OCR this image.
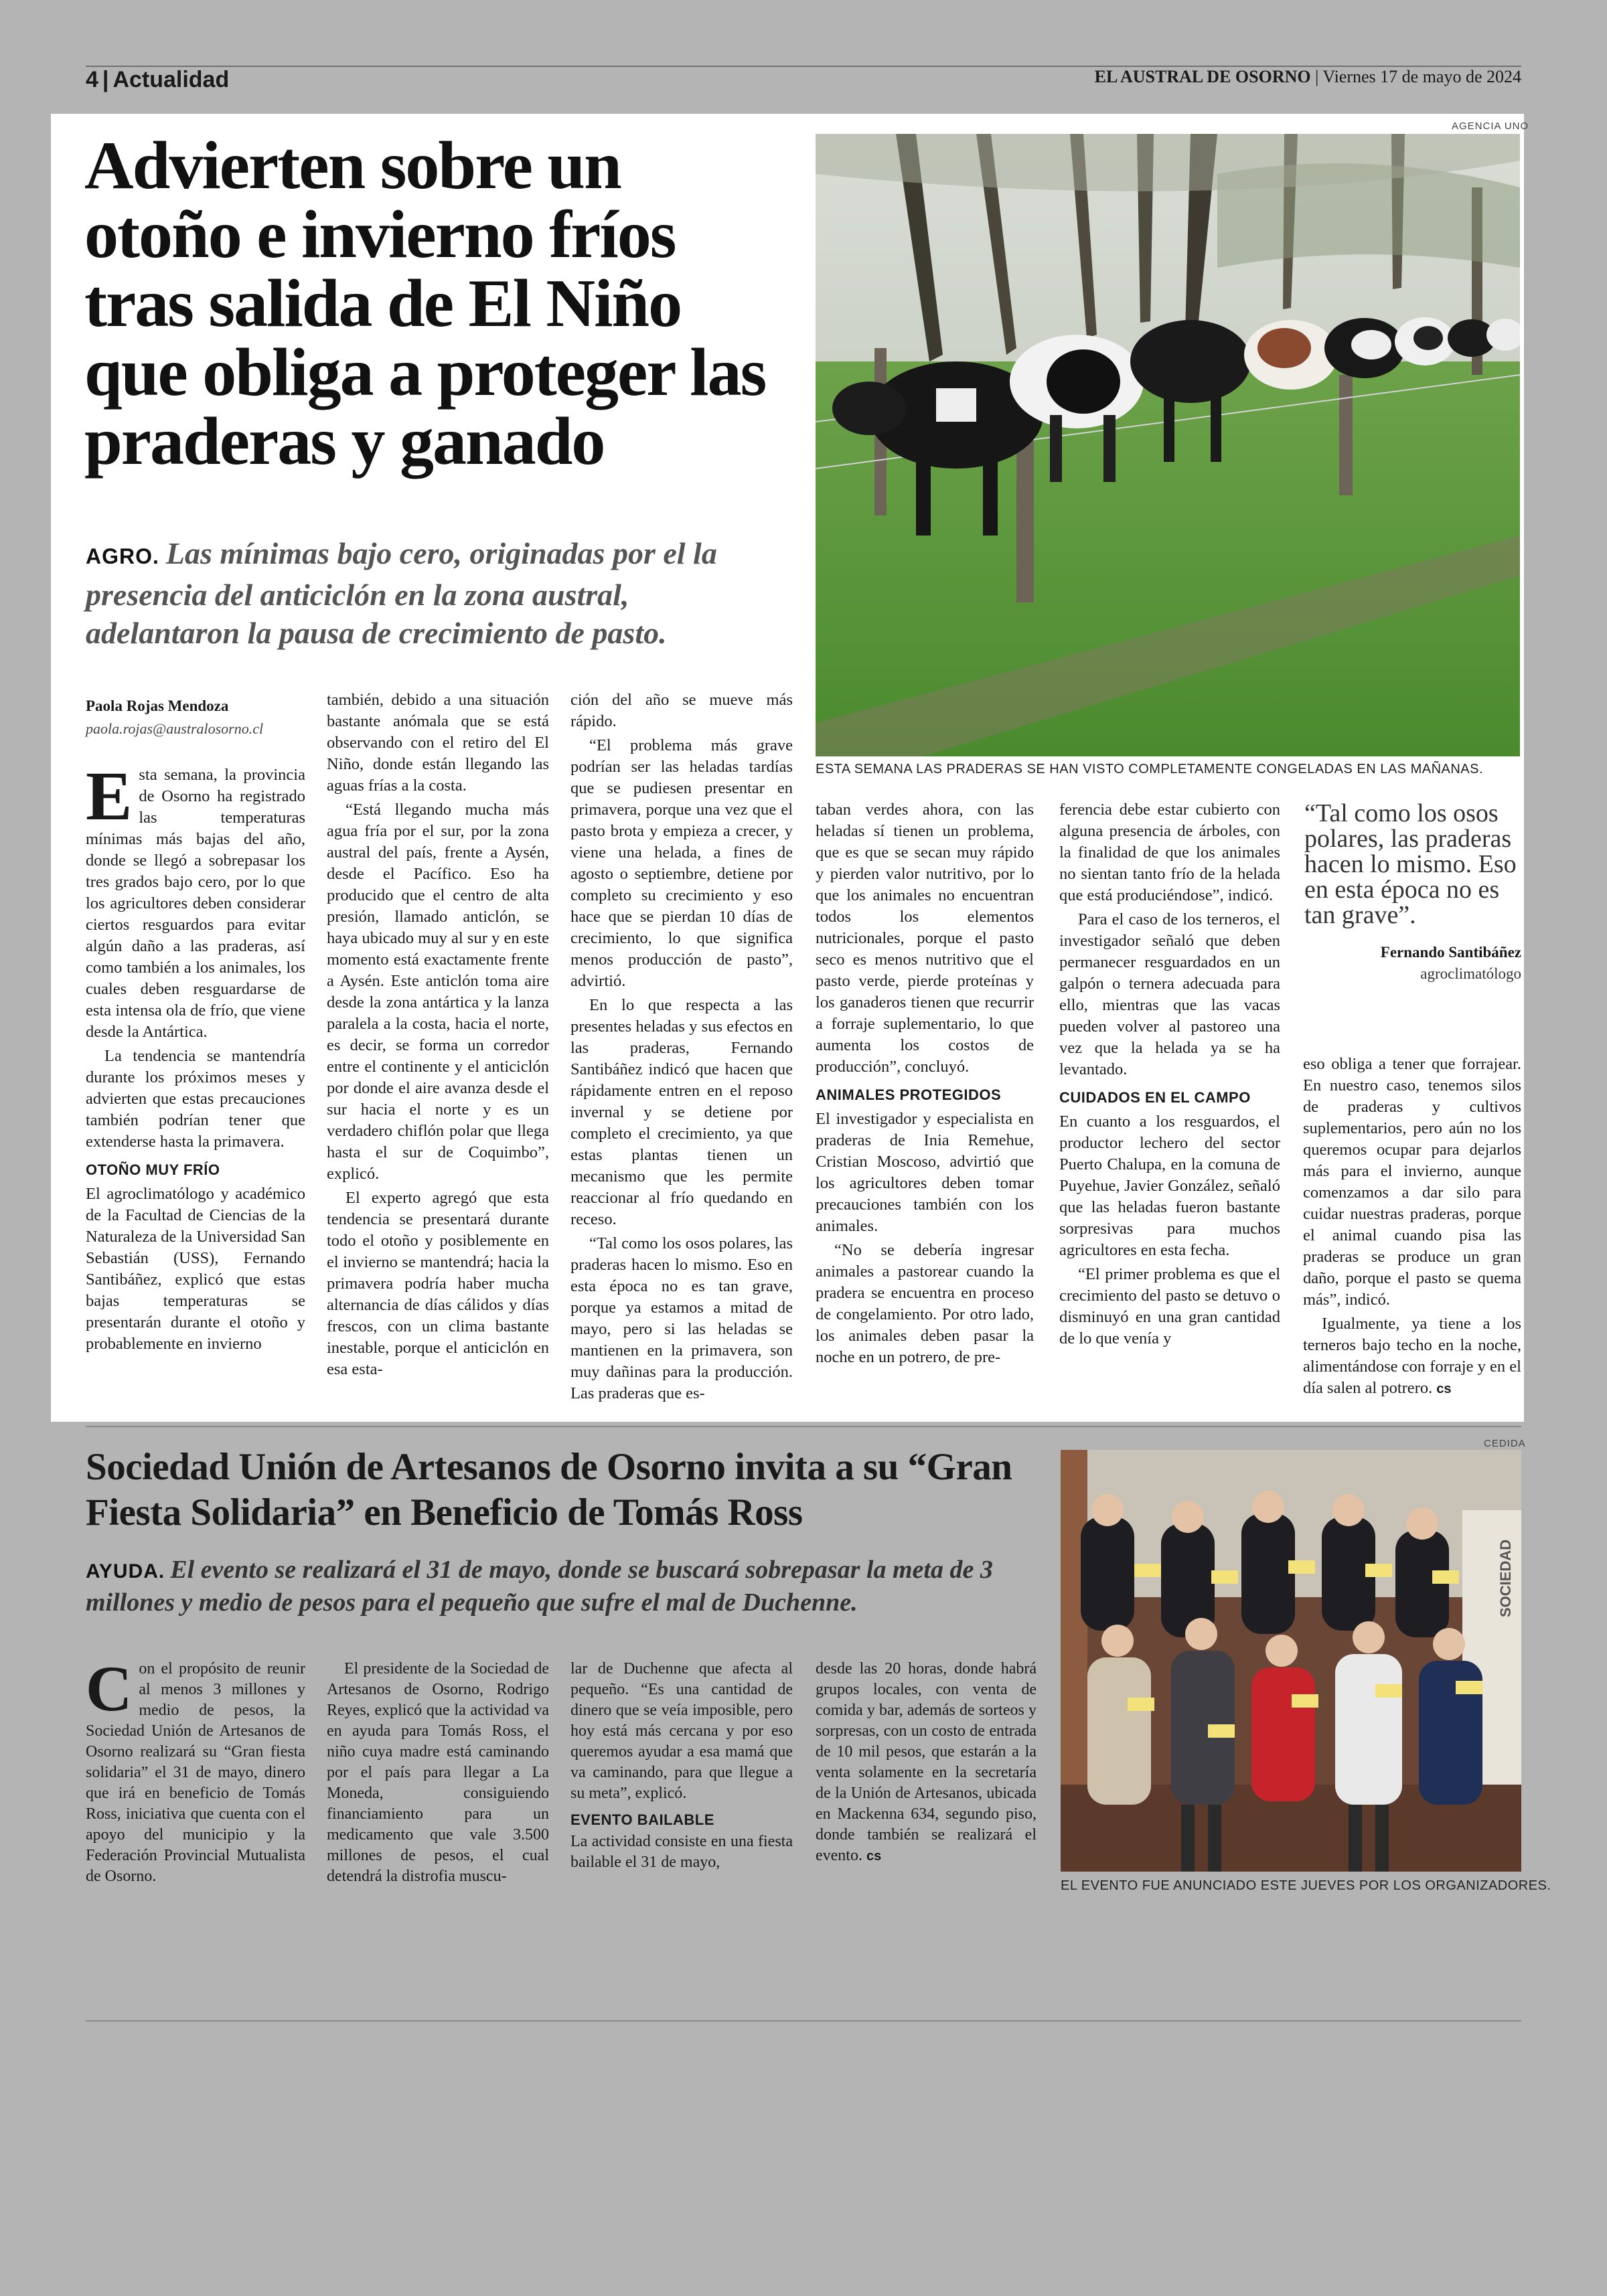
4 | Actualidad	EL AUSTRAL DE OSORNO | Viernes 17 de mayo de 2024
Advierten sobre un otoño e invierno fríos tras salida de El Niño que obliga a proteger las praderas y ganado

AGRO. Las mínimas bajo cero, originadas por el la presencia del anticiclón en la zona austral, adelantaron la pausa de crecimiento de pasto.

AGENCIA UNO
ESTA SEMANA LAS PRADERAS SE HAN VISTO COMPLETAMENTE CONGELADAS EN LAS MAÑANAS.
Paola Rojas Mendoza
paola.rojas@australosorno.cl

Esta semana, la provincia de Osorno ha registrado las temperaturas mínimas más bajas del año, donde se llegó a sobrepasar los tres grados bajo cero, por lo que los agricultores deben considerar ciertos resguardos para evitar algún daño a las praderas, así como también a los animales, los cuales deben resguardarse de esta intensa ola de frío, que viene desde la Antártica.

La tendencia se mantendría durante los próximos meses y advierten que estas precauciones también podrían tener que extenderse hasta la primavera.

OTOÑO MUY FRÍO

El agroclimatólogo y académico de la Facultad de Ciencias de la Naturaleza de la Universidad San Sebastián (USS), Fernando Santibáñez, explicó que estas bajas temperaturas se presentarán durante el otoño y probablemente en invierno

también, debido a una situación bastante anómala que se está observando con el retiro del El Niño, donde están llegando las aguas frías a la costa.

“Está llegando mucha más agua fría por el sur, por la zona austral del país, frente a Aysén, desde el Pacífico. Eso ha producido que el centro de alta presión, llamado anticlón, se haya ubicado muy al sur y en este momento está exactamente frente a Aysén. Este anticlón toma aire desde la zona antártica y la lanza paralela a la costa, hacia el norte, es decir, se forma un corredor entre el continente y el anticiclón por donde el aire avanza desde el sur hacia el norte y es un verdadero chiflón polar que llega hasta el sur de Coquimbo”, explicó.

El experto agregó que esta tendencia se presentará durante todo el otoño y posiblemente en el invierno se mantendrá; hacia la primavera podría haber mucha alternancia de días cálidos y días frescos, con un clima bastante inestable, porque el anticiclón en esa esta-

ción del año se mueve más rápido.

“El problema más grave podrían ser las heladas tardías que se pudiesen presentar en primavera, porque una vez que el pasto brota y empieza a crecer, y viene una helada, a fines de agosto o septiembre, detiene por completo su crecimiento y eso hace que se pierdan 10 días de crecimiento, lo que significa menos producción de pasto”, advirtió.

En lo que respecta a las presentes heladas y sus efectos en las praderas, Fernando Santibáñez indicó que hacen que rápidamente entren en el reposo invernal y se detiene por completo el crecimiento, ya que estas plantas tienen un mecanismo que les permite reaccionar al frío quedando en receso.

“Tal como los osos polares, las praderas hacen lo mismo. Eso en esta época no es tan grave, porque ya estamos a mitad de mayo, pero si las heladas se mantienen en la primavera, son muy dañinas para la producción. Las praderas que es-

taban verdes ahora, con las heladas sí tienen un problema, que es que se secan muy rápido y pierden valor nutritivo, por lo que los animales no encuentran todos los elementos nutricionales, porque el pasto seco es menos nutritivo que el pasto verde, pierde proteínas y los ganaderos tienen que recurrir a forraje suplementario, lo que aumenta los costos de producción”, concluyó.

ANIMALES PROTEGIDOS

El investigador y especialista en praderas de Inia Remehue, Cristian Moscoso, advirtió que los agricultores deben tomar precauciones también con los animales.

“No se debería ingresar animales a pastorear cuando la pradera se encuentra en proceso de congelamiento. Por otro lado, los animales deben pasar la noche en un potrero, de pre-

ferencia debe estar cubierto con alguna presencia de árboles, con la finalidad de que los animales no sientan tanto frío de la helada que está produciéndose”, indicó.

Para el caso de los terneros, el investigador señaló que deben permanecer resguardados en un galpón o ternera adecuada para ello, mientras que las vacas pueden volver al pastoreo una vez que la helada ya se ha levantado.

CUIDADOS EN EL CAMPO

En cuanto a los resguardos, el productor lechero del sector Puerto Chalupa, en la comuna de Puyehue, Javier González, señaló que las heladas fueron bastante sorpresivas para muchos agricultores en esta fecha.

“El primer problema es que el crecimiento del pasto se detuvo o disminuyó en una gran cantidad de lo que venía y

“Tal como los osos polares, las praderas hacen lo mismo. Eso en esta época no es tan grave”.

Fernando Santibáñez
agroclimatólogo

eso obliga a tener que forrajear. En nuestro caso, tenemos silos de praderas y cultivos suplementarios, pero aún no los queremos ocupar para dejarlos más para el invierno, aunque comenzamos a dar silo para cuidar nuestras praderas, porque el animal cuando pisa las praderas se produce un gran daño, porque el pasto se quema más”, indicó.

Igualmente, ya tiene a los terneros bajo techo en la noche, alimentándose con forraje y en el día salen al potrero. cs

Sociedad Unión de Artesanos de Osorno invita a su “Gran Fiesta Solidaria” en Beneficio de Tomás Ross

AYUDA. El evento se realizará el 31 de mayo, donde se buscará sobrepasar la meta de 3 millones y medio de pesos para el pequeño que sufre el mal de Duchenne.

CEDIDA
SOCIEDAD
EL EVENTO FUE ANUNCIADO ESTE JUEVES POR LOS ORGANIZADORES.

Con el propósito de reunir al menos 3 millones y medio de pesos, la Sociedad Unión de Artesanos de Osorno realizará su “Gran fiesta solidaria” el 31 de mayo, dinero que irá en beneficio de Tomás Ross, iniciativa que cuenta con el apoyo del municipio y la Federación Provincial Mutualista de Osorno.

El presidente de la Sociedad de Artesanos de Osorno, Rodrigo Reyes, explicó que la actividad va en ayuda para Tomás Ross, el niño cuya madre está caminando por el país para llegar a La Moneda, consiguiendo financiamiento para un medicamento que vale 3.500 millones de pesos, el cual detendrá la distrofia muscu-

lar de Duchenne que afecta al pequeño. “Es una cantidad de dinero que se veía imposible, pero hoy está más cercana y por eso queremos ayudar a esa mamá que va caminando, para que llegue a su meta”, explicó.

EVENTO BAILABLE

La actividad consiste en una fiesta bailable el 31 de mayo,

desde las 20 horas, donde habrá grupos locales, con venta de comida y bar, además de sorteos y sorpresas, con un costo de entrada de 10 mil pesos, que estarán a la venta solamente en la secretaría de la Unión de Artesanos, ubicada en Mackenna 634, segundo piso, donde también se realizará el evento. cs
